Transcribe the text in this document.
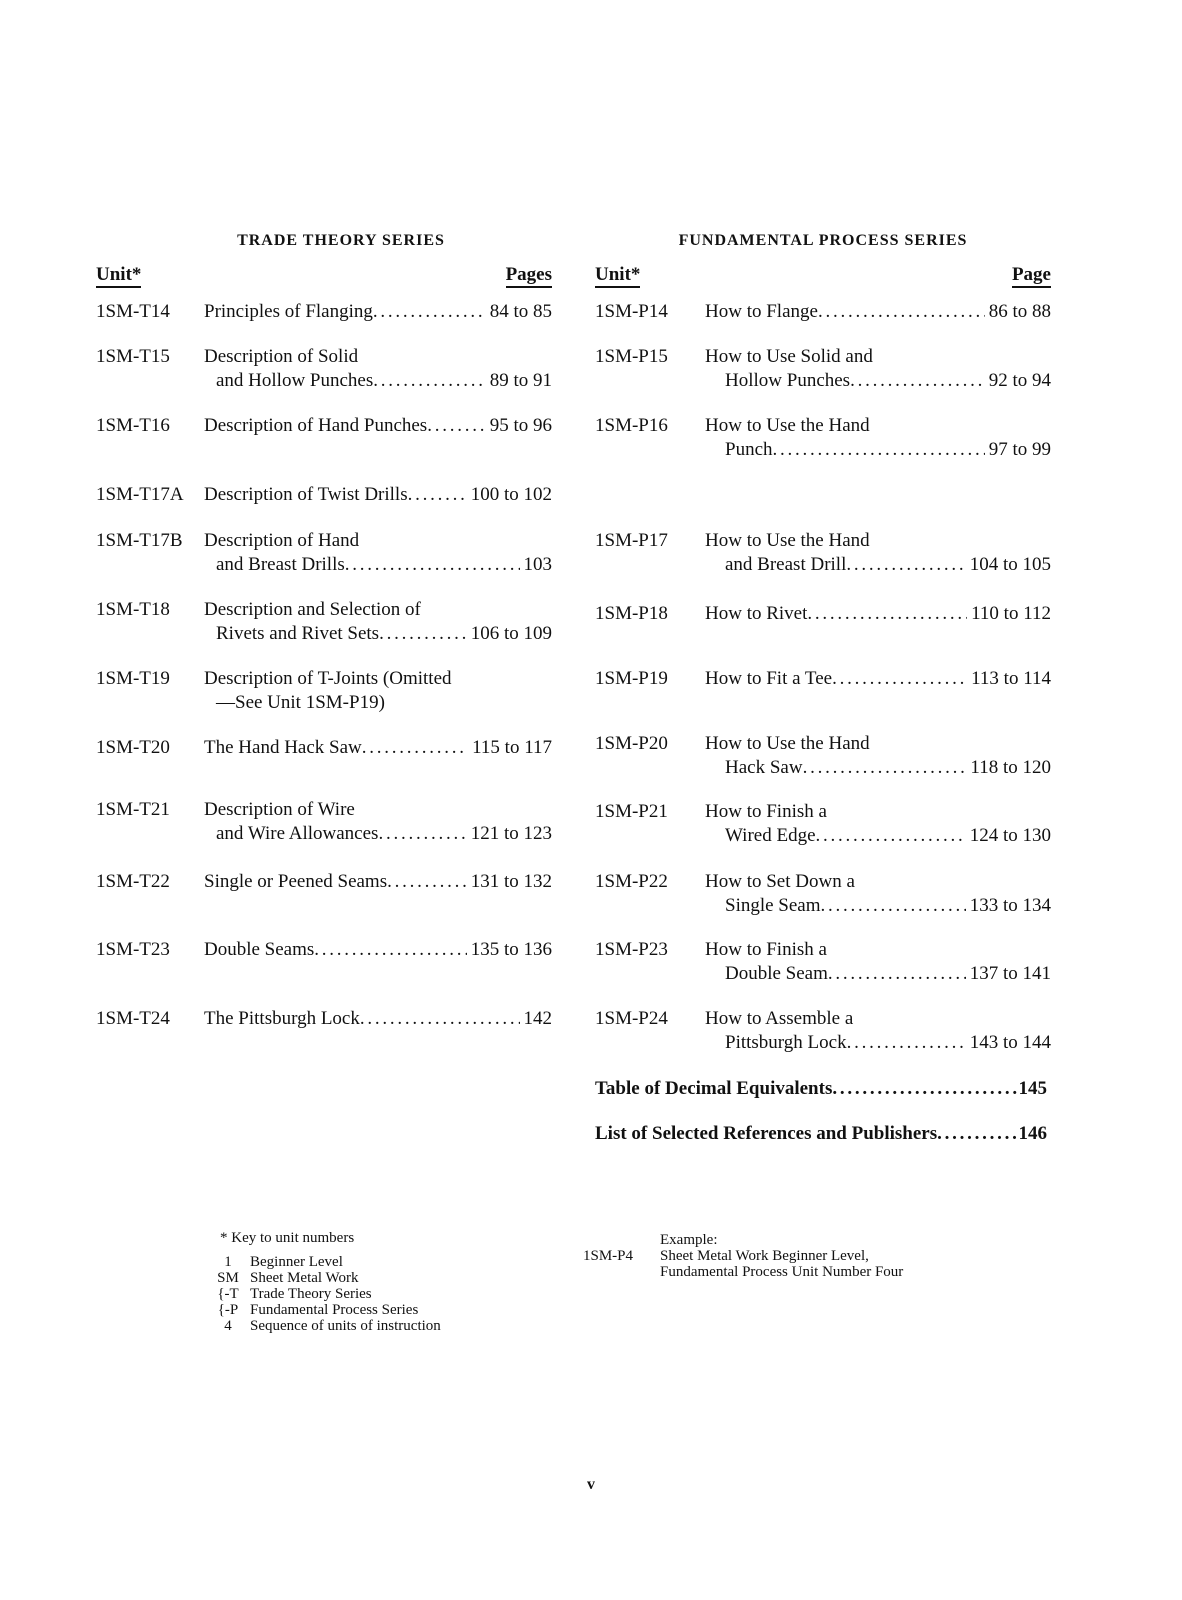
TRADE THEORY SERIES
Unit*	Pages
1SM-T14 Principles of Flanging . . .	84 to 85
1SM-T15 Description of Solid
and Hollow Punches . . .	89 to 91
1SM-T16 Description of Hand Punches . . .	95 to 96
1SM-T17A Description of Twist Drills . . .	100 to 102
1SM-T17B Description of Hand
and Breast Drills . . .	103
1SM-T18 Description and Selection of
Rivets and Rivet Sets . . .	106 to 109
1SM-T19 Description of T-Joints (Omitted
—See Unit 1SM-P19)
1SM-T20 The Hand Hack Saw . . .	115 to 117
1SM-T21 Description of Wire
and Wire Allowances . . .	121 to 123
1SM-T22 Single or Peened Seams . . .	131 to 132
1SM-T23 Double Seams . . .	135 to 136
1SM-T24 The Pittsburgh Lock . . .	142
FUNDAMENTAL PROCESS SERIES
Unit*	Page
1SM-P14 How to Flange . . .	86 to 88
1SM-P15 How to Use Solid and
Hollow Punches . . .	92 to 94
1SM-P16 How to Use the Hand
Punch . . .	97 to 99
1SM-P17 How to Use the Hand
and Breast Drill . . .	104 to 105
1SM-P18 How to Rivet . . .	110 to 112
1SM-P19 How to Fit a Tee . . .	113 to 114
1SM-P20 How to Use the Hand
Hack Saw . . .	118 to 120
1SM-P21 How to Finish a
Wired Edge . . .	124 to 130
1SM-P22 How to Set Down a
Single Seam . . .	133 to 134
1SM-P23 How to Finish a
Double Seam . . .	137 to 141
1SM-P24 How to Assemble a
Pittsburgh Lock . . .	143 to 144
Table of Decimal Equivalents . . .	145
List of Selected References and Publishers . . .	146
* Key to unit numbers
1	Beginner Level
SM Sheet Metal Work
{-T Trade Theory Series
{-P Fundamental Process Series
4	Sequence of units of instruction
Example:
1SM-P4	Sheet Metal Work Beginner Level,
Fundamental Process Unit Number Four
v
